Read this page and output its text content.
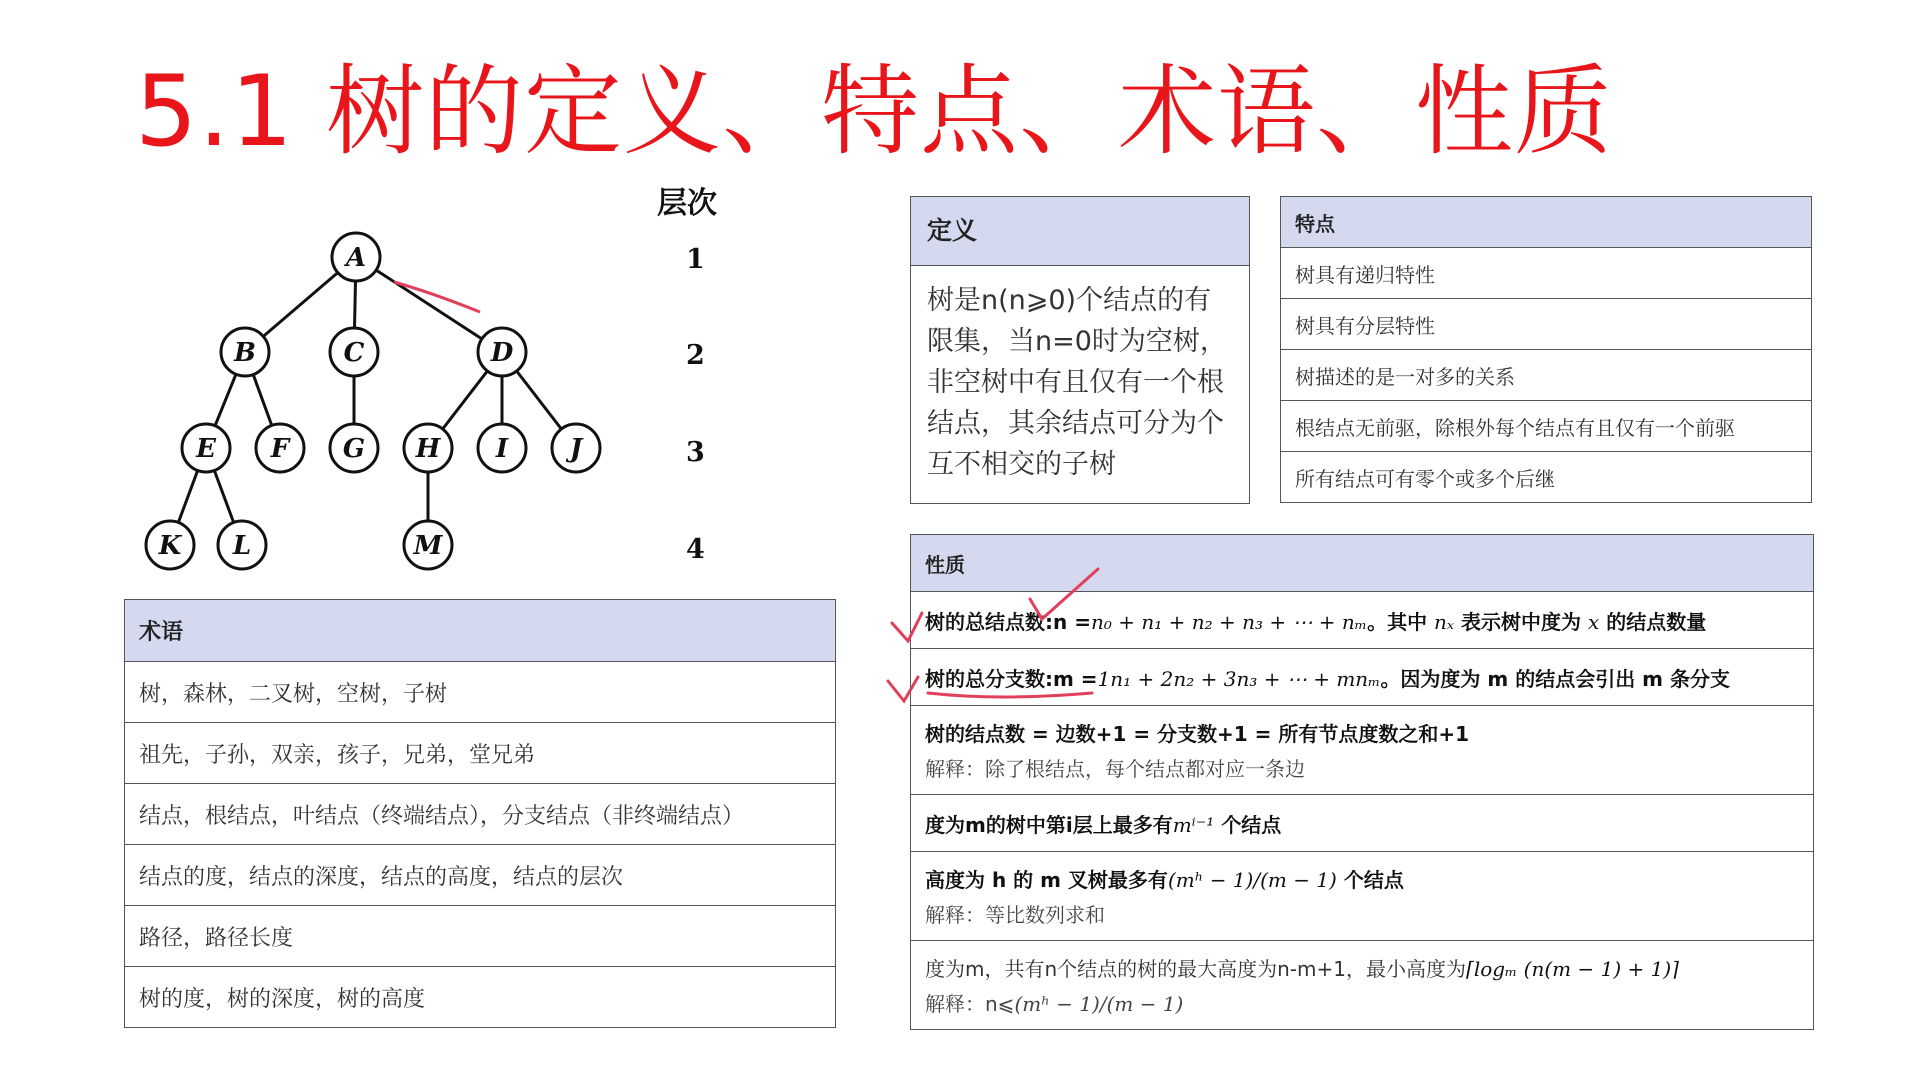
5.1 树的定义、特点、术语、性质
A
B	C	D
E F G H I J
K L	M
层次
1
2
3
4
术语
树，森林，二叉树，空树，子树
祖先，子孙，双亲，孩子，兄弟，堂兄弟
结点，根结点，叶结点（终端结点），分支结点（非终端结点）
结点的度，结点的深度，结点的高度，结点的层次
路径，路径长度
树的度，树的深度，树的高度
定义
树是n(n⩾0)个结点的有限集，当n=0时为空树，非空树中有且仅有一个根结点，其余结点可分为个互不相交的子树
特点
树具有递归特性
树具有分层特性
树描述的是一对多的关系
根结点无前驱，除根外每个结点有且仅有一个前驱
所有结点可有零个或多个后继
性质
树的总结点数:n =n₀ + n₁ + n₂ + n₃ + ⋯ + nₘ。其中 nₓ 表示树中度为 x 的结点数量
树的总分支数:m =1n₁ + 2n₂ + 3n₃ + ⋯ + mnₘ。因为度为 m 的结点会引出 m 条分支
树的结点数 = 边数+1 = 分支数+1 = 所有节点度数之和+1
解释：除了根结点，每个结点都对应一条边

度为m的树中第i层上最多有mⁱ⁻¹ 个结点
高度为 h 的 m 叉树最多有(mʰ − 1)/(m − 1) 个结点
解释：等比数列求和

度为m，共有n个结点的树的最大高度为n-m+1，最小高度为⌈logₘ (n(m − 1) + 1)⌉
解释：n⩽(mʰ − 1)/(m − 1)
